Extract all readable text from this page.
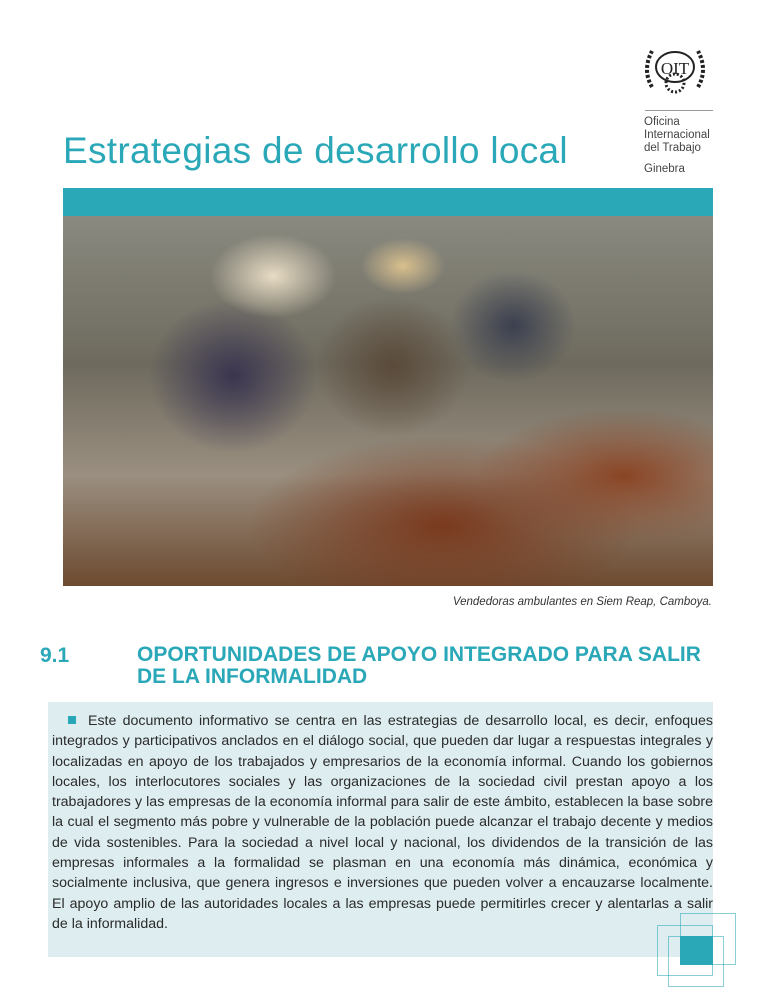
Estrategias de desarrollo local
OIT
Oficina
Internacional
del Trabajo
Ginebra
Vendedoras ambulantes en Siem Reap, Camboya.
9.1	OPORTUNIDADES DE APOYO INTEGRADO PARA SALIR DE LA INFORMALIDAD
Este documento informativo se centra en las estrategias de desarrollo local, es decir, enfoques integrados y participativos anclados en el diálogo social, que pueden dar lugar a respuestas integrales y localizadas en apoyo de los trabajados y empresarios de la economía informal. Cuando los gobiernos locales, los interlocutores sociales y las organizaciones de la sociedad civil prestan apoyo a los trabajadores y las empresas de la economía informal para salir de este ámbito, establecen la base sobre la cual el segmento más pobre y vulnerable de la población puede alcanzar el trabajo decente y medios de vida sostenibles. Para la sociedad a nivel local y nacional, los dividendos de la transición de las empresas informales a la formalidad se plasman en una economía más dinámica, económica y socialmente inclusiva, que genera ingresos e inversiones que pueden volver a encauzarse localmente. El apoyo amplio de las autoridades locales a las empresas puede permitirles crecer y alentarlas a salir de la informalidad.
